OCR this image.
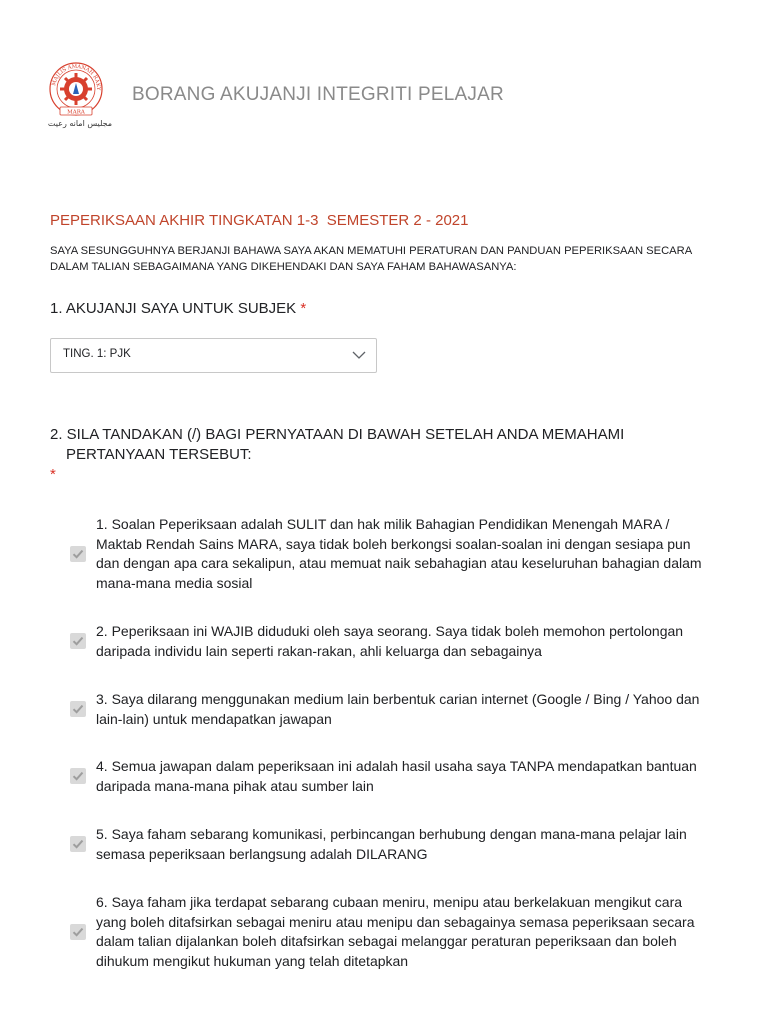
MAJLIS AMANAH RAKY
MARA
مجليس امانه رعيت
BORANG AKUJANJI INTEGRITI PELAJAR
PEPERIKSAAN AKHIR TINGKATAN 1-3  SEMESTER 2 - 2021
SAYA SESUNGGUHNYA BERJANJI BAHAWA SAYA AKAN MEMATUHI PERATURAN DAN PANDUAN PEPERIKSAAN SECARA DALAM TALIAN SEBAGAIMANA YANG DIKEHENDAKI DAN SAYA FAHAM BAHAWASANYA:
1. AKUJANJI SAYA UNTUK SUBJEK *
TING. 1: PJK
2. SILA TANDAKAN (/) BAGI PERNYATAAN DI BAWAH SETELAH ANDA MEMAHAMI PERTANYAAN TERSEBUT:
*
1. Soalan Peperiksaan adalah SULIT dan hak milik Bahagian Pendidikan Menengah MARA / Maktab Rendah Sains MARA, saya tidak boleh berkongsi soalan-soalan ini dengan sesiapa pun dan dengan apa cara sekalipun, atau memuat naik sebahagian atau keseluruhan bahagian dalam mana-mana media sosial
2. Peperiksaan ini WAJIB diduduki oleh saya seorang. Saya tidak boleh memohon pertolongan daripada individu lain seperti rakan-rakan, ahli keluarga dan sebagainya
3. Saya dilarang menggunakan medium lain berbentuk carian internet (Google / Bing / Yahoo dan lain-lain) untuk mendapatkan jawapan
4. Semua jawapan dalam peperiksaan ini adalah hasil usaha saya TANPA mendapatkan bantuan daripada mana-mana pihak atau sumber lain
5. Saya faham sebarang komunikasi, perbincangan berhubung dengan mana-mana pelajar lain semasa peperiksaan berlangsung adalah DILARANG
6. Saya faham jika terdapat sebarang cubaan meniru, menipu atau berkelakuan mengikut cara yang boleh ditafsirkan sebagai meniru atau menipu dan sebagainya semasa peperiksaan secara dalam talian dijalankan boleh ditafsirkan sebagai melanggar peraturan peperiksaan dan boleh dihukum mengikut hukuman yang telah ditetapkan
